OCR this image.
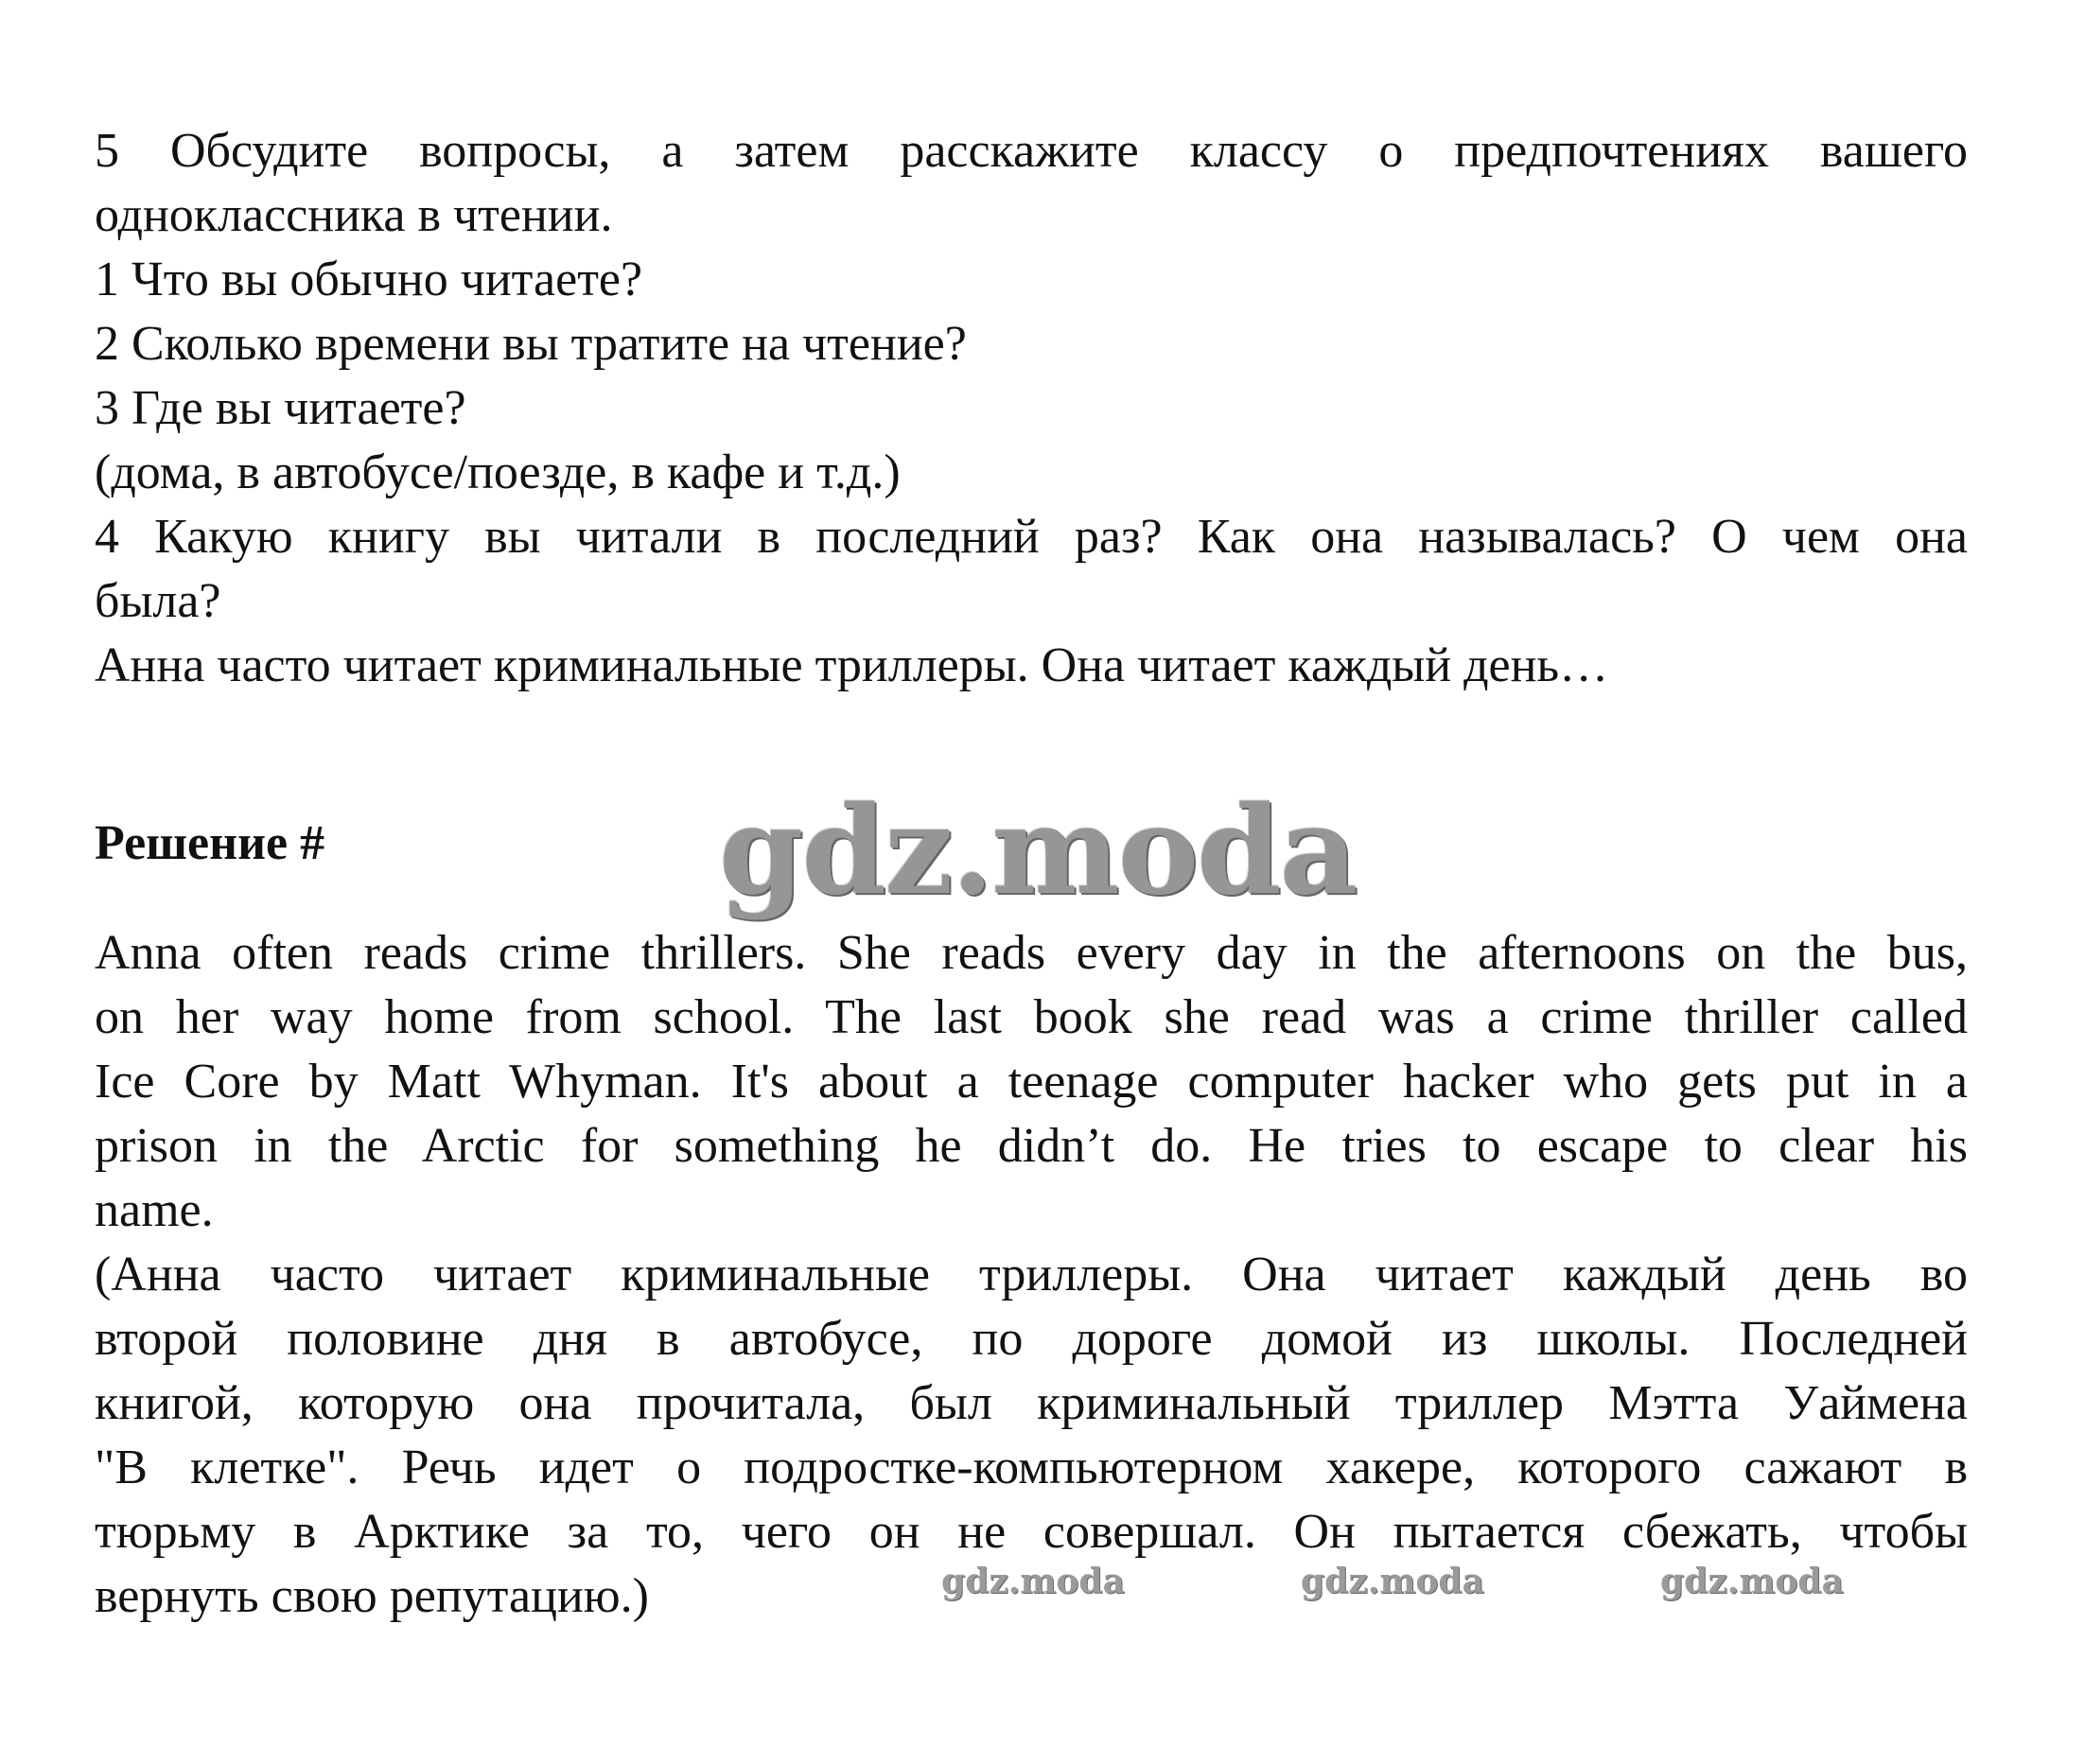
5 Обсудите вопросы, а затем расскажите классу о предпочтениях вашего
одноклассника в чтении.
1 Что вы обычно читаете?
2 Сколько времени вы тратите на чтение?
3 Где вы читаете?
(дома, в автобусе/поезде, в кафе и т.д.)
4 Какую книгу вы читали в последний раз? Как она называлась? О чем она
была?
Анна часто читает криминальные триллеры. Она читает каждый день…
Решение #	gdz.moda
Anna often reads crime thrillers. She reads every day in the afternoons on the bus,
on her way home from school. The last book she read was a crime thriller called
Ice Core by Matt Whyman. It's about a teenage computer hacker who gets put in a
prison in the Arctic for something he didn’t do. He tries to escape to clear his
name.
(Анна часто читает криминальные триллеры. Она читает каждый день во
второй половине дня в автобусе, по дороге домой из школы. Последней
книгой, которую она прочитала, был криминальный триллер Мэтта Уаймена
"В клетке". Речь идет о подростке-компьютерном хакере, которого сажают в
тюрьму в Арктике за то, чего он не совершал. Он пытается сбежать, чтобы
вернуть свою репутацию.)	gdz.moda	gdz.moda	gdz.moda
